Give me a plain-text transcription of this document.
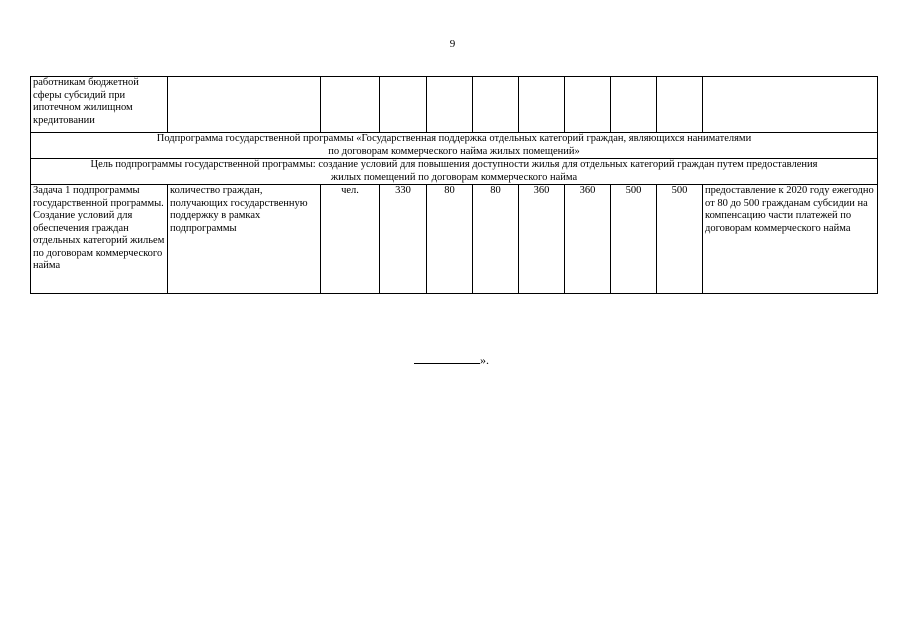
9
работникам бюджетной сферы субсидий при ипотечном жилищном кредитовании										

Подпрограмма государственной программы «Государственная поддержка отдельных категорий граждан, являющихся нанимателями
по договорам коммерческого найма жилых помещений»										

Цель подпрограммы государственной программы: создание условий для повышения доступности жилья для отдельных категорий граждан путем предоставления
жилых помещений по договорам коммерческого найма										

Задача 1 подпрограммы государственной программы. Создание условий для обеспечения граждан отдельных категорий жильем по договорам коммерческого найма	количество граждан, получающих государственную поддержку в рамках подпрограммы	чел.	330	80	80	360	360	500	500	предоставление к 2020 году ежегодно от 80 до 500 гражданам субсидии на компенсацию части платежей по договорам коммерческого найма
».
